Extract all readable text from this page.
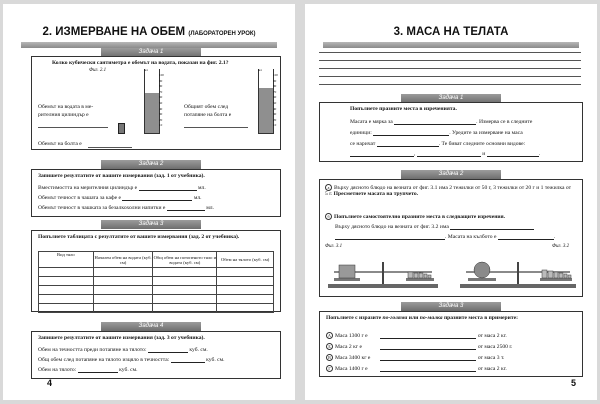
2. ИЗМЕРВАНЕ НА ОБЕМ (ЛАБОРАТОРЕН УРОК)
Задача 1
Колко кубически сантиметра е обемът на водата, показан на фиг. 2.1?
Фиг. 2.1	мл
100
90
80
70
60
50
40
30
20
10
мл
100
90
80
70
60
50
40
30
20
10
Обемът на водата в ме-
рителния цилиндър е
Общият обем след
потапяне на болта е
Обемът на болта е
Задача 2
Запишете резултатите от вашите измервания (зад. 1 от учебника).
Вместимостта на мерителния цилиндър е	мл.
Обемът течност в чашата за кафе е	мл.
Обемът течност в чашката за безалкохолни напитки е	мл.
Задача 3
Попълнете таблицата с резултатите от вашите измервания (зад. 2 от учебника).
Вид тяло	Начален обем на водата (куб. см)	Общ обем на потопеното тяло и водата (куб. см)	Обем на тялото (куб. см)

Задача 4
Запишете резултатите от вашите измервания (зад. 3 от учебника).
Обем на течността преди потапяне на тялото:	куб. см.
Общ обем след потапяне на тялото изцяло в течността:	куб. см.
Обем на тялото:	куб. см.
4
3. МАСА НА ТЕЛАТА
Задача 1
Попълнете празните места в изреченията.
Масата е мярка за	. Измерва се в следните
единици:	. Уредите за измерване на маса
се наричат	. Те биват следните основни видове:
,	и	.
Задача 2
а Върху дясното блюдо на везната от фиг. 3.1 има 2 тежилки от 50 г, 3 тежилки от 20 г и 1 тежилка от 5 г. Пресметнете масата на трупчето.
б Попълнете самостоятелно празните места в следващите изречения.
Върху дясното блюдо на везната от фиг. 3.2 има
. Масата на кълбото е	.
Фиг. 3.1	Фиг. 3.2
Задача 3
Попълнете с изразите по-голяма или по-малка празните места в примерите:
А Маса 1300 г е	от маса 2 кг.
Б Маса 2 кг е	от маса 2500 г.
В Маса 3400 кг е	от маса 3 т.
Г Маса 1400 г е	от маса 2 кг.
5
